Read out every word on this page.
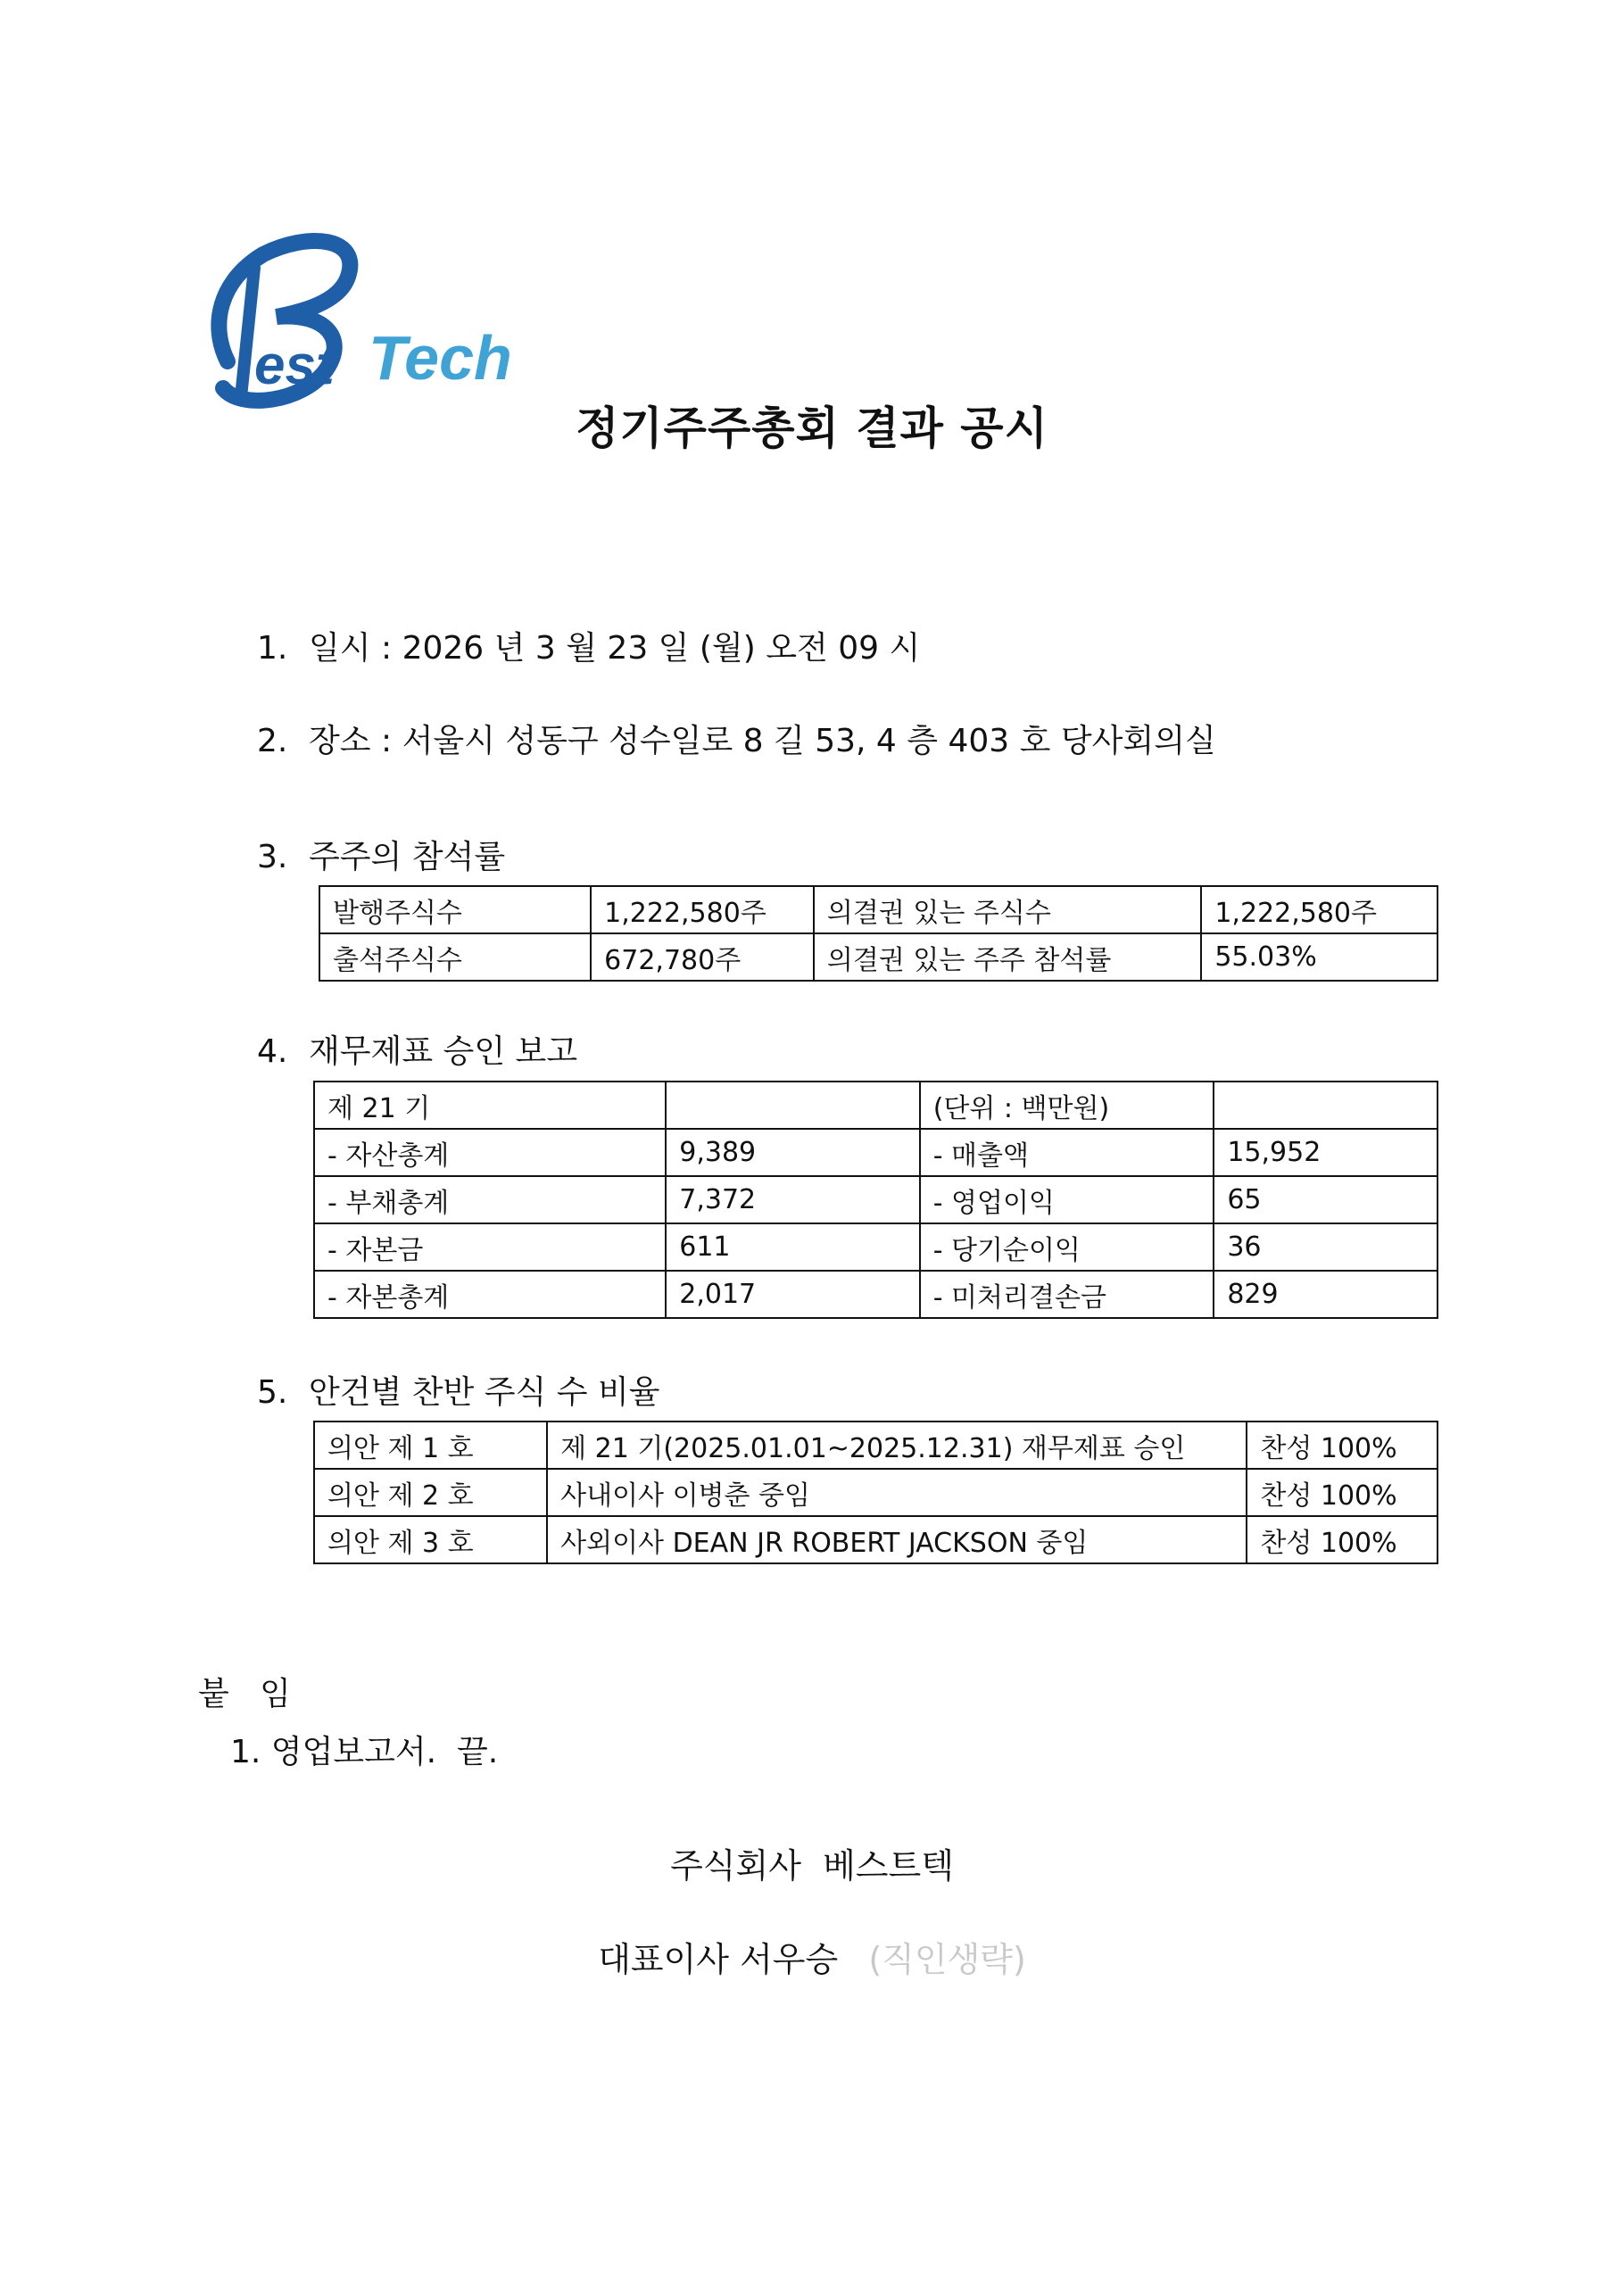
est Tech
정기주주총회 결과 공시
1. 일시 : 2026 년 3 월 23 일 (월) 오전 09 시
2. 장소 : 서울시 성동구 성수일로 8 길 53, 4 층 403 호 당사회의실
3. 주주의 참석률
발행주식수	1,222,580주	의결권 있는 주식수	1,222,580주
출석주식수	672,780주	의결권 있는 주주 참석률	55.03%
4. 재무제표 승인 보고
제 21 기		(단위 : 백만원)	
- 자산총계	9,389	- 매출액	15,952
- 부채총계	7,372	- 영업이익	65
- 자본금	611	- 당기순이익	36
- 자본총계	2,017	- 미처리결손금	829
5. 안건별 찬반 주식 수 비율
의안 제 1 호	제 21 기(2025.01.01~2025.12.31) 재무제표 승인	찬성 100%
의안 제 2 호	사내이사 이병춘 중임	찬성 100%
의안 제 3 호	사외이사 DEAN JR ROBERT JACKSON 중임	찬성 100%
붙   임
1. 영업보고서.  끝.
주식회사  베스트텍
대표이사 서우승 (직인생략)
